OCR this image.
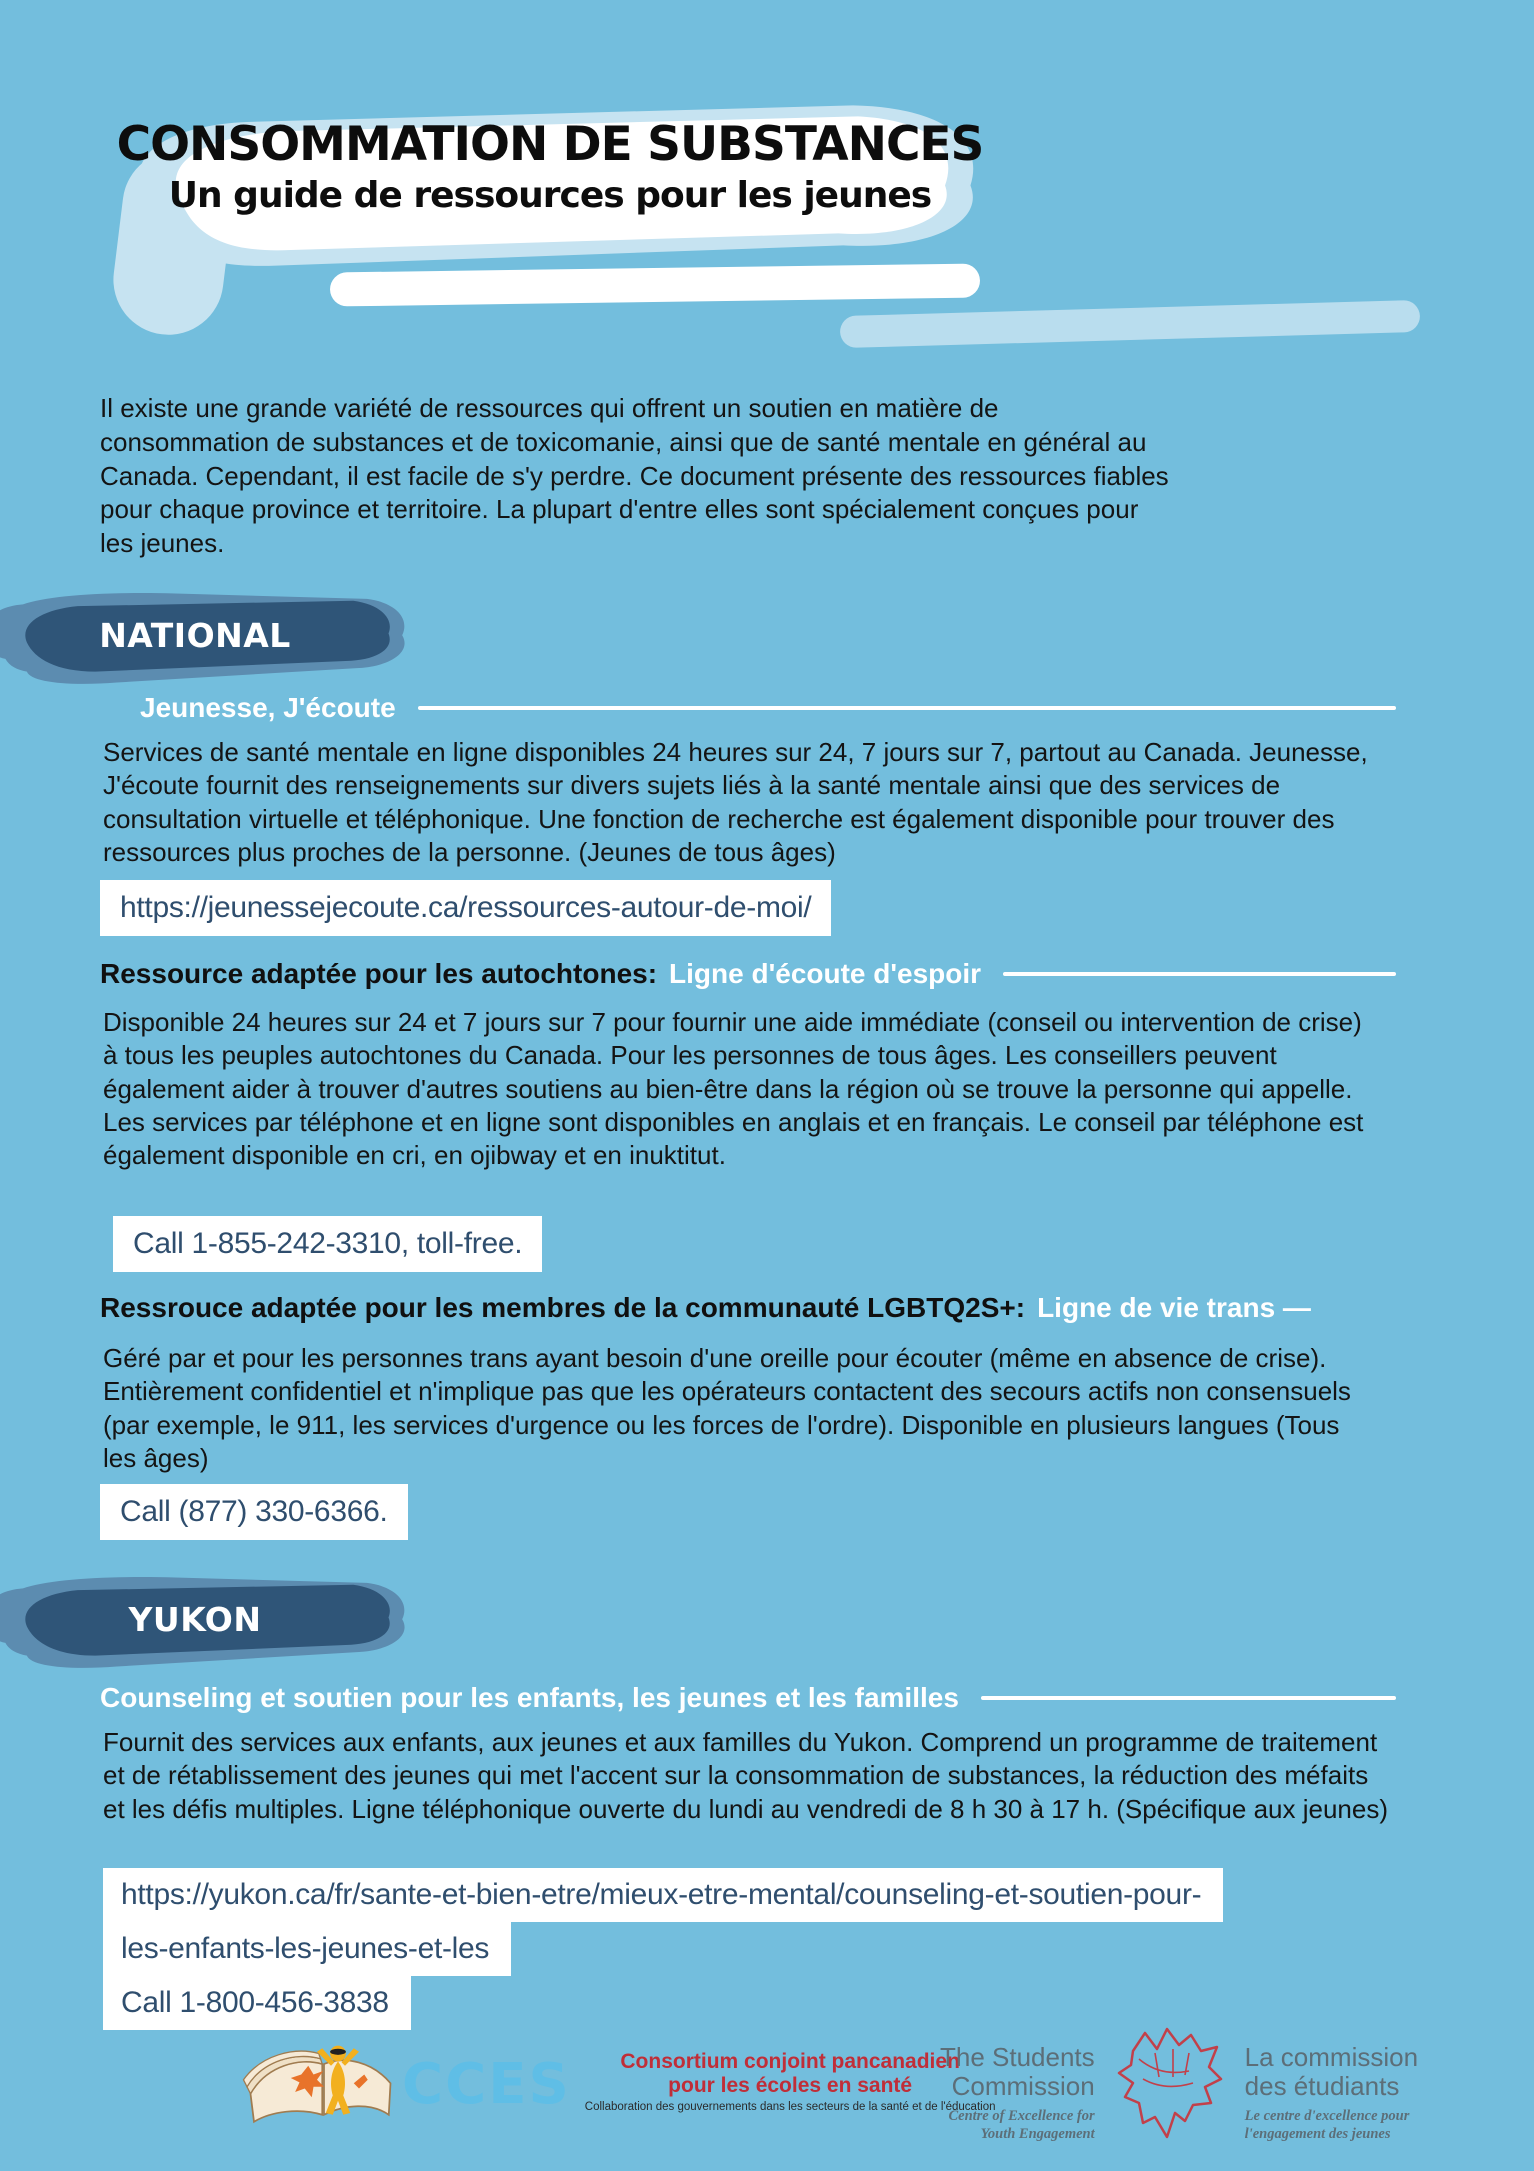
CONSOMMATION DE SUBSTANCES
Un guide de ressources pour les jeunes

Il existe une grande variété de ressources qui offrent un soutien en matière de consommation de substances et de toxicomanie, ainsi que de santé mentale en général au Canada. Cependant, il est facile de s'y perdre. Ce document présente des ressources fiables pour chaque province et territoire. La plupart d'entre elles sont spécialement conçues pour les jeunes.

NATIONAL
Jeunesse, J'écoute

Services de santé mentale en ligne disponibles 24 heures sur 24, 7 jours sur 7, partout au Canada. Jeunesse, J'écoute fournit des renseignements sur divers sujets liés à la santé mentale ainsi que des services de consultation virtuelle et téléphonique. Une fonction de recherche est également disponible pour trouver des ressources plus proches de la personne. (Jeunes de tous âges)

https://jeunessejecoute.ca/ressources-autour-de-moi/
Ressource adaptée pour les autochtones: Ligne d'écoute d'espoir

Disponible 24 heures sur 24 et 7 jours sur 7 pour fournir une aide immédiate (conseil ou intervention de crise) à tous les peuples autochtones du Canada. Pour les personnes de tous âges. Les conseillers peuvent également aider à trouver d'autres soutiens au bien-être dans la région où se trouve la personne qui appelle. Les services par téléphone et en ligne sont disponibles en anglais et en français. Le conseil par téléphone est également disponible en cri, en ojibway et en inuktitut.

Call 1-855-242-3310, toll-free.
Ressrouce adaptée pour les membres de la communauté LGBTQ2S+: Ligne de vie trans —

Géré par et pour les personnes trans ayant besoin d'une oreille pour écouter (même en absence de crise). Entièrement confidentiel et n'implique pas que les opérateurs contactent des secours actifs non consensuels (par exemple, le 911, les services d'urgence ou les forces de l'ordre). Disponible en plusieurs langues (Tous les âges)

Call (877) 330-6366.
YUKON
Counseling et soutien pour les enfants, les jeunes et les familles

Fournit des services aux enfants, aux jeunes et aux familles du Yukon. Comprend un programme de traitement et de rétablissement des jeunes qui met l'accent sur la consommation de substances, la réduction des méfaits et les défis multiples. Ligne téléphonique ouverte du lundi au vendredi de 8 h 30 à 17 h. (Spécifique aux jeunes)

https://yukon.ca/fr/sante-et-bien-etre/mieux-etre-mental/counseling-et-soutien-pour-
les-enfants-les-jeunes-et-les
Call 1-800-456-3838
CCES	Consortium conjoint pancanadien
pour les écoles en santé
Collaboration des gouvernements dans les secteurs de la santé et de l'éducation
The Students
Commission
Centre of Excellence for
Youth Engagement
La commission
des étudiants
Le centre d'excellence pour
l'engagement des jeunes
